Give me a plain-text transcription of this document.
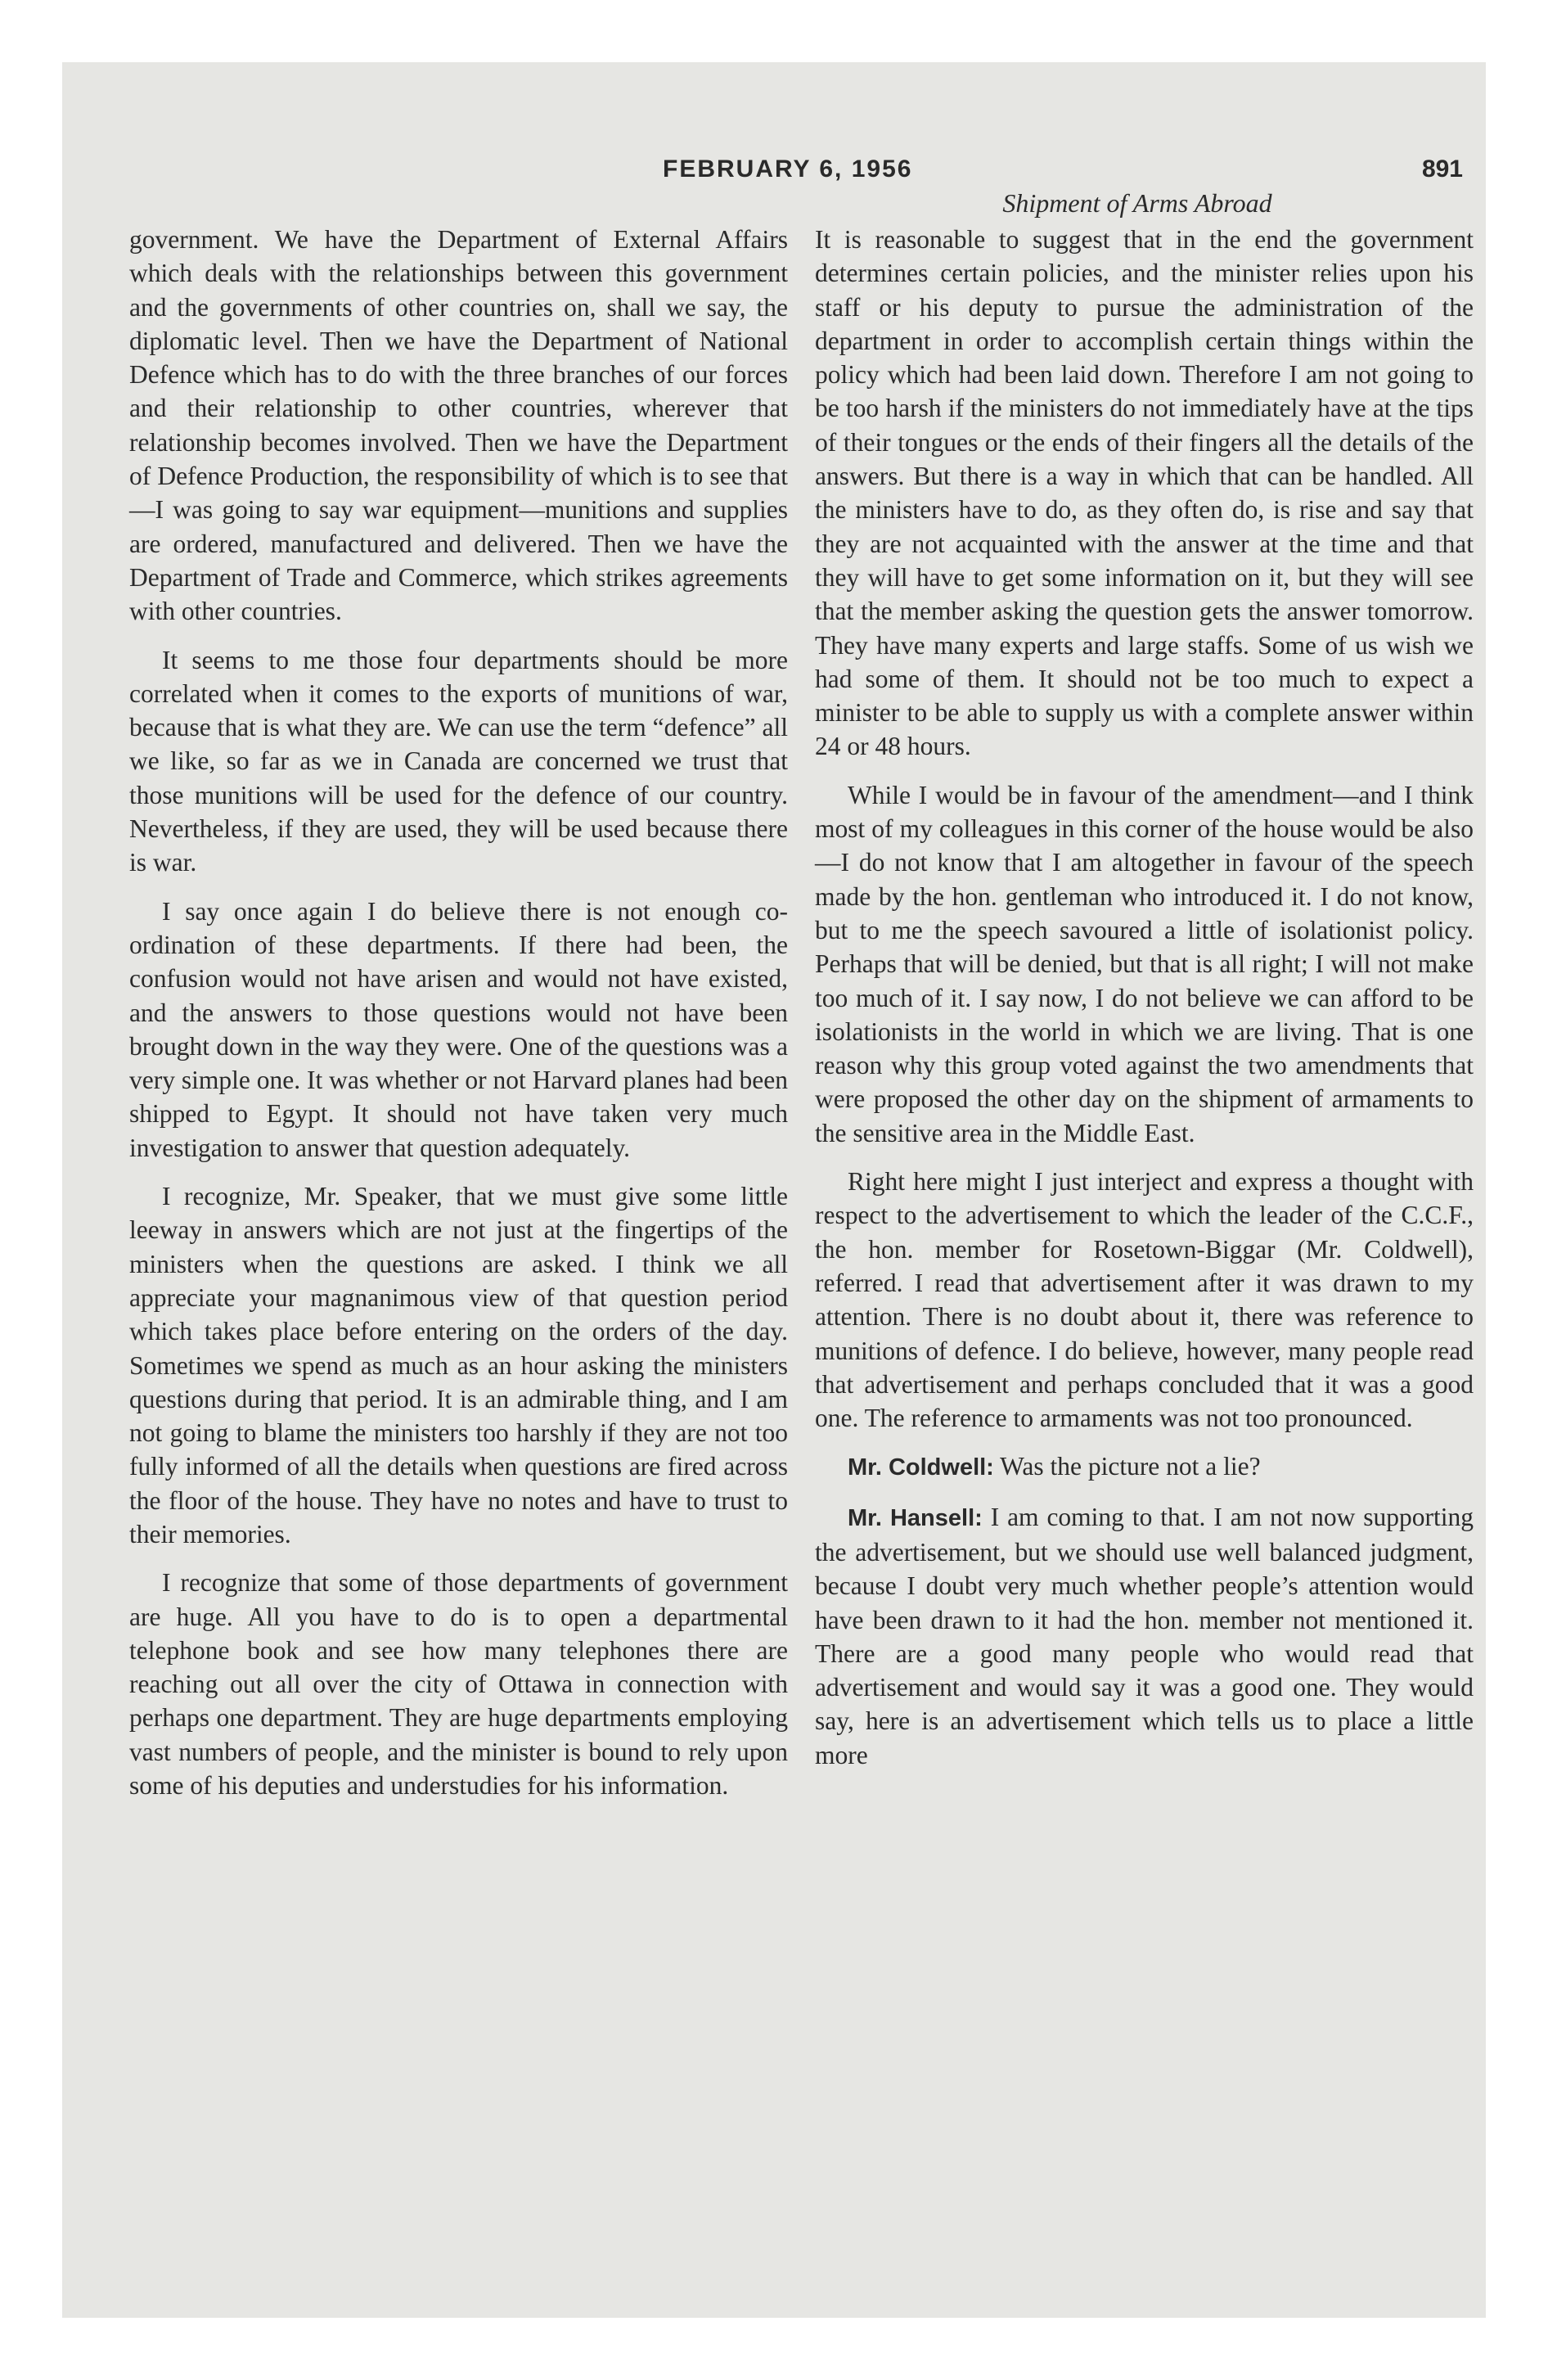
FEBRUARY 6, 1956	891
Shipment of Arms Abroad

government. We have the Department of External Affairs which deals with the relationships between this government and the governments of other countries on, shall we say, the diplomatic level. Then we have the Department of National Defence which has to do with the three branches of our forces and their relationship to other countries, wherever that relationship becomes involved. Then we have the Department of Defence Production, the responsibility of which is to see that—I was going to say war equipment—munitions and supplies are ordered, manufactured and delivered. Then we have the Department of Trade and Commerce, which strikes agreements with other countries.

It seems to me those four departments should be more correlated when it comes to the exports of munitions of war, because that is what they are. We can use the term “defence” all we like, so far as we in Canada are concerned we trust that those munitions will be used for the defence of our country. Nevertheless, if they are used, they will be used because there is war.

I say once again I do believe there is not enough co-ordination of these departments. If there had been, the confusion would not have arisen and would not have existed, and the answers to those questions would not have been brought down in the way they were. One of the questions was a very simple one. It was whether or not Harvard planes had been shipped to Egypt. It should not have taken very much investigation to answer that question adequately.

I recognize, Mr. Speaker, that we must give some little leeway in answers which are not just at the fingertips of the ministers when the questions are asked. I think we all appreciate your magnanimous view of that question period which takes place before entering on the orders of the day. Sometimes we spend as much as an hour asking the ministers questions during that period. It is an admirable thing, and I am not going to blame the ministers too harshly if they are not too fully informed of all the details when questions are fired across the floor of the house. They have no notes and have to trust to their memories.

I recognize that some of those departments of government are huge. All you have to do is to open a departmental telephone book and see how many telephones there are reaching out all over the city of Ottawa in connection with perhaps one department. They are huge departments employing vast numbers of people, and the minister is bound to rely upon some of his deputies and understudies for his information.

It is reasonable to suggest that in the end the government determines certain policies, and the minister relies upon his staff or his deputy to pursue the administration of the department in order to accomplish certain things within the policy which had been laid down. Therefore I am not going to be too harsh if the ministers do not immediately have at the tips of their tongues or the ends of their fingers all the details of the answers. But there is a way in which that can be handled. All the ministers have to do, as they often do, is rise and say that they are not acquainted with the answer at the time and that they will have to get some information on it, but they will see that the member asking the question gets the answer tomorrow. They have many experts and large staffs. Some of us wish we had some of them. It should not be too much to expect a minister to be able to supply us with a complete answer within 24 or 48 hours.

While I would be in favour of the amendment—and I think most of my colleagues in this corner of the house would be also—I do not know that I am altogether in favour of the speech made by the hon. gentleman who introduced it. I do not know, but to me the speech savoured a little of isolationist policy. Perhaps that will be denied, but that is all right; I will not make too much of it. I say now, I do not believe we can afford to be isolationists in the world in which we are living. That is one reason why this group voted against the two amendments that were proposed the other day on the shipment of armaments to the sensitive area in the Middle East.

Right here might I just interject and express a thought with respect to the advertisement to which the leader of the C.C.F., the hon. member for Rosetown-Biggar (Mr. Coldwell), referred. I read that advertisement after it was drawn to my attention. There is no doubt about it, there was reference to munitions of defence. I do believe, however, many people read that advertisement and perhaps concluded that it was a good one. The reference to armaments was not too pronounced.

Mr. Coldwell: Was the picture not a lie?

Mr. Hansell: I am coming to that. I am not now supporting the advertisement, but we should use well balanced judgment, because I doubt very much whether people’s attention would have been drawn to it had the hon. member not mentioned it. There are a good many people who would read that advertisement and would say it was a good one. They would say, here is an advertisement which tells us to place a little more
